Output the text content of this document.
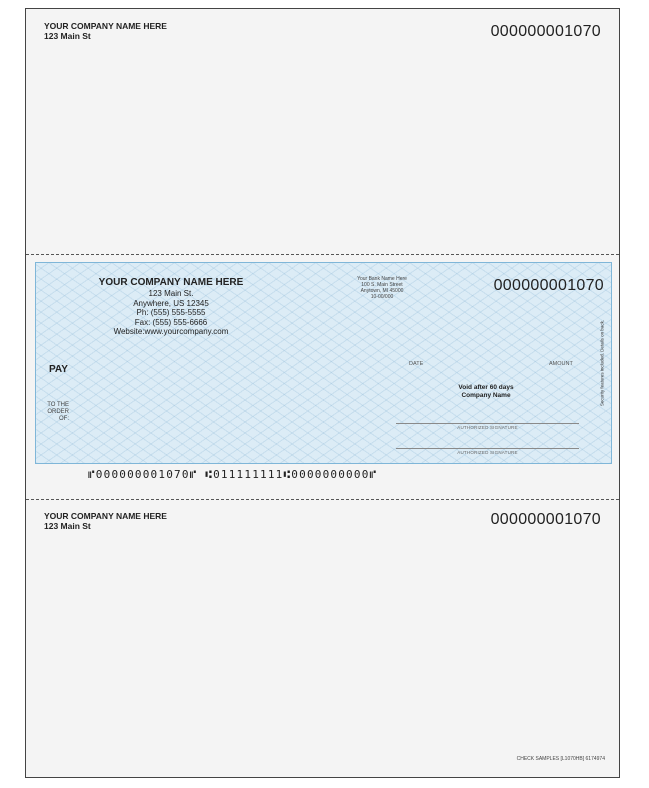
YOUR COMPANY NAME HERE
123 Main St	000000001070
YOUR COMPANY NAME HERE
123 Main St.
Anywhere, US 12345
Ph: (555) 555-5555
Fax: (555) 555-6666
Website:www.yourcompany.com
Your Bank Name Here
100 S. Main Street
Anytown, MI 45000
10-00/000
000000001070
PAY	DATE	AMOUNT
TO THE
ORDER
OF:
Void after 60 days
Company Name
AUTHORIZED SIGNATURE
AUTHORIZED SIGNATURE
Security features included. Details on back.
⑈000000001070⑈ ⑆011111111⑆0000000000⑈
YOUR COMPANY NAME HERE
123 Main St	000000001070
CHECK SAMPLES [L1070HB] 6174974
